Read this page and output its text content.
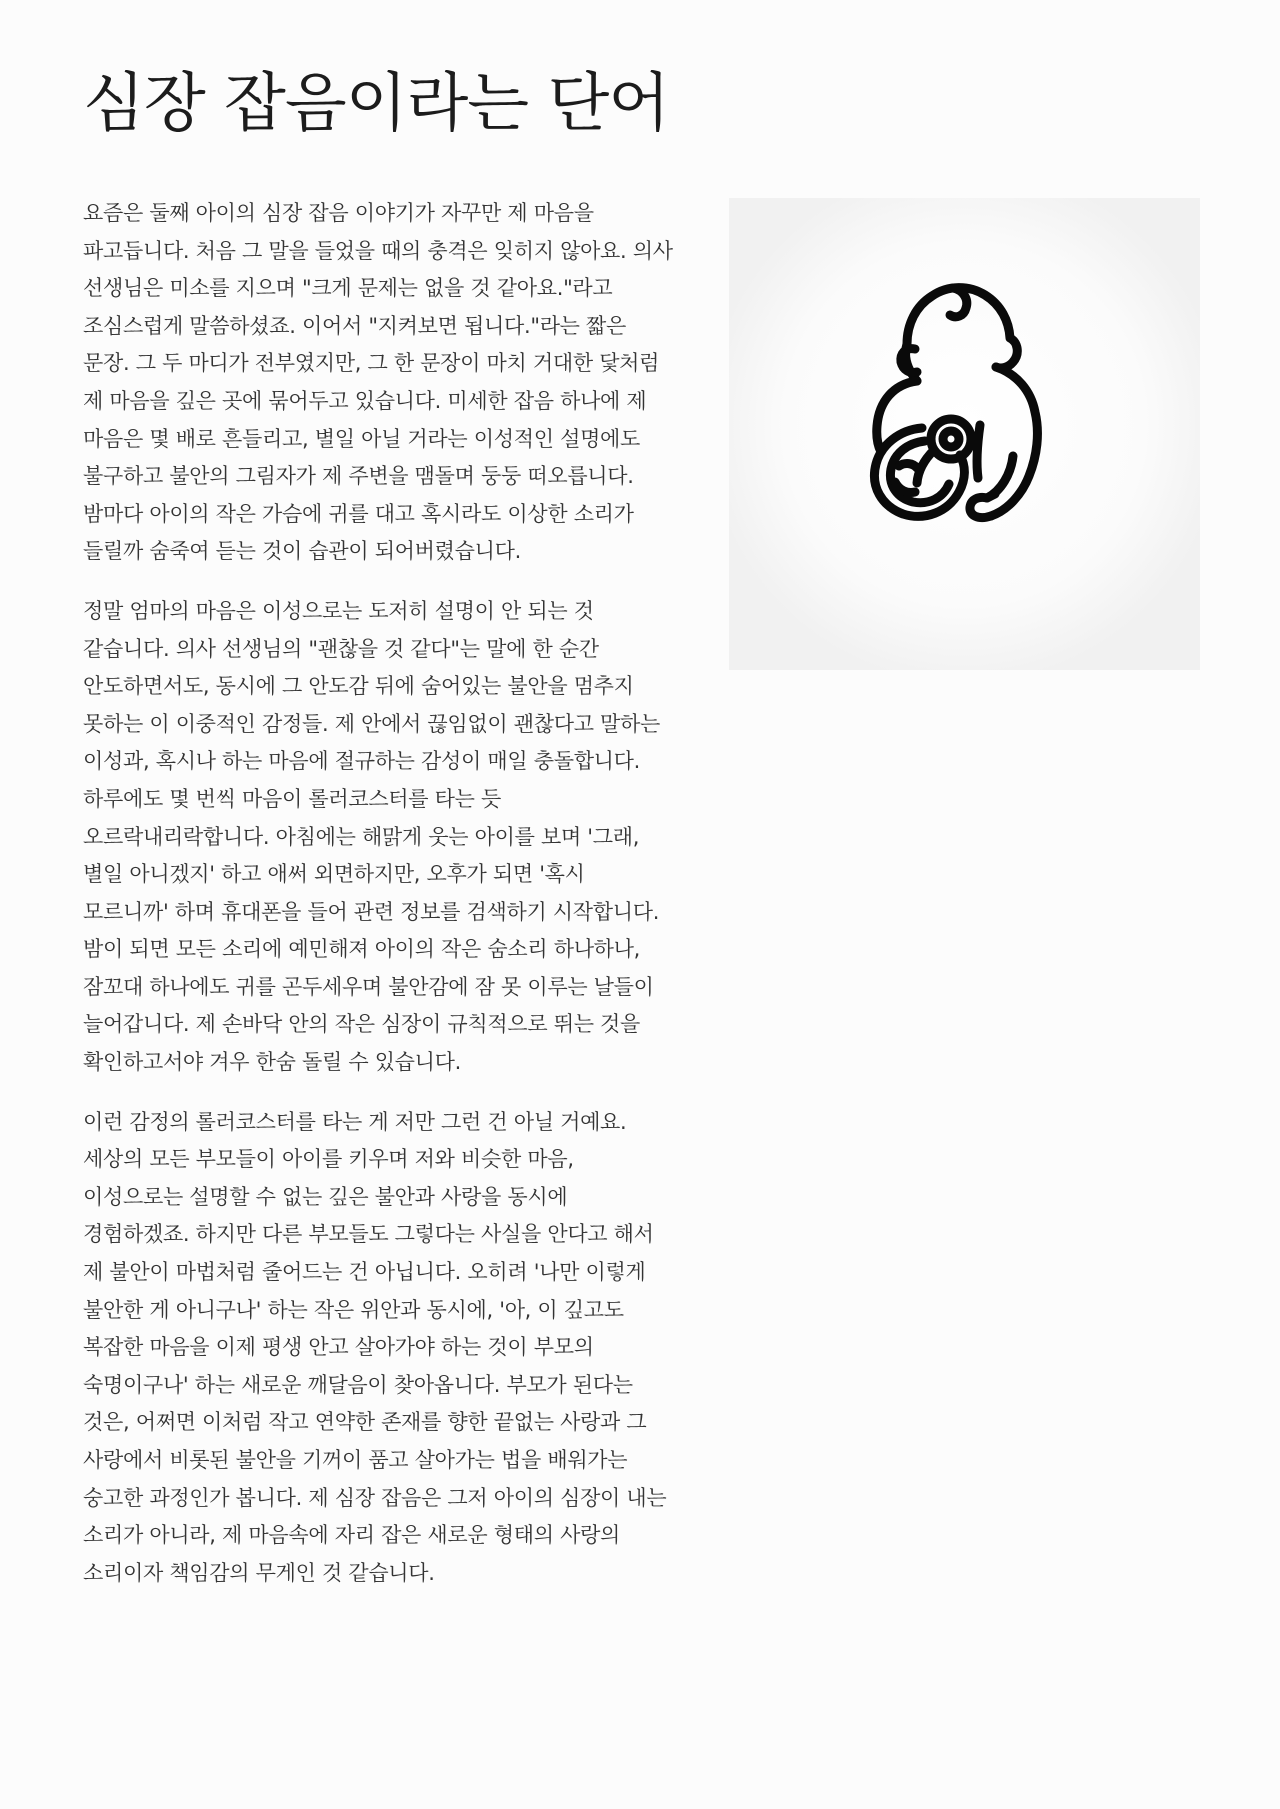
심장 잡음이라는 단어

요즘은 둘째 아이의 심장 잡음 이야기가 자꾸만 제 마음을 파고듭니다. 처음 그 말을 들었을 때의 충격은 잊히지 않아요. 의사 선생님은 미소를 지으며 "크게 문제는 없을 것 같아요."라고 조심스럽게 말씀하셨죠. 이어서 "지켜보면 됩니다."라는 짧은 문장. 그 두 마디가 전부였지만, 그 한 문장이 마치 거대한 닻처럼 제 마음을 깊은 곳에 묶어두고 있습니다. 미세한 잡음 하나에 제 마음은 몇 배로 흔들리고, 별일 아닐 거라는 이성적인 설명에도 불구하고 불안의 그림자가 제 주변을 맴돌며 둥둥 떠오릅니다. 밤마다 아이의 작은 가슴에 귀를 대고 혹시라도 이상한 소리가 들릴까 숨죽여 듣는 것이 습관이 되어버렸습니다.

정말 엄마의 마음은 이성으로는 도저히 설명이 안 되는 것 같습니다. 의사 선생님의 "괜찮을 것 같다"는 말에 한 순간 안도하면서도, 동시에 그 안도감 뒤에 숨어있는 불안을 멈추지 못하는 이 이중적인 감정들. 제 안에서 끊임없이 괜찮다고 말하는 이성과, 혹시나 하는 마음에 절규하는 감성이 매일 충돌합니다. 하루에도 몇 번씩 마음이 롤러코스터를 타는 듯 오르락내리락합니다. 아침에는 해맑게 웃는 아이를 보며 '그래, 별일 아니겠지' 하고 애써 외면하지만, 오후가 되면 '혹시 모르니까' 하며 휴대폰을 들어 관련 정보를 검색하기 시작합니다. 밤이 되면 모든 소리에 예민해져 아이의 작은 숨소리 하나하나, 잠꼬대 하나에도 귀를 곤두세우며 불안감에 잠 못 이루는 날들이 늘어갑니다. 제 손바닥 안의 작은 심장이 규칙적으로 뛰는 것을 확인하고서야 겨우 한숨 돌릴 수 있습니다.

이런 감정의 롤러코스터를 타는 게 저만 그런 건 아닐 거예요. 세상의 모든 부모들이 아이를 키우며 저와 비슷한 마음, 이성으로는 설명할 수 없는 깊은 불안과 사랑을 동시에 경험하겠죠. 하지만 다른 부모들도 그렇다는 사실을 안다고 해서 제 불안이 마법처럼 줄어드는 건 아닙니다. 오히려 '나만 이렇게 불안한 게 아니구나' 하는 작은 위안과 동시에, '아, 이 깊고도 복잡한 마음을 이제 평생 안고 살아가야 하는 것이 부모의 숙명이구나' 하는 새로운 깨달음이 찾아옵니다. 부모가 된다는 것은, 어쩌면 이처럼 작고 연약한 존재를 향한 끝없는 사랑과 그 사랑에서 비롯된 불안을 기꺼이 품고 살아가는 법을 배워가는 숭고한 과정인가 봅니다. 제 심장 잡음은 그저 아이의 심장이 내는 소리가 아니라, 제 마음속에 자리 잡은 새로운 형태의 사랑의 소리이자 책임감의 무게인 것 같습니다.
